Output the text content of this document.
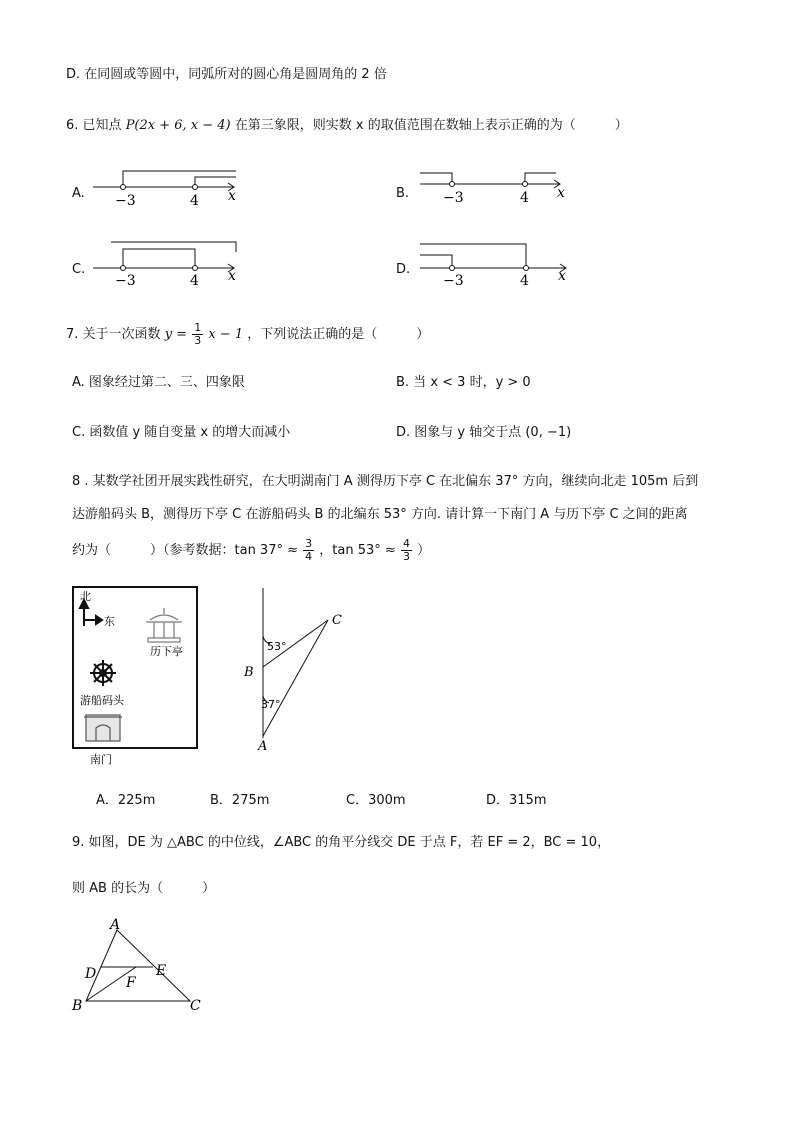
D. 在同圆或等圆中，同弧所对的圆心角是圆周角的 2 倍
6. 已知点 P(2x + 6, x − 4) 在第三象限，则实数 x 的取值范围在数轴上表示正确的为（　　　）
A.	B.
C.	D.
−3	4 x	−3	4 x
−3	4 x	−3	4 x
7. 关于一次函数 $y = \frac{1}{3}$ x − 1 ，下列说法正确的是（　　　）
A. 图象经过第二、三、四象限	B. 当 x < 3 时，y > 0
C. 函数值 y 随自变量 x 的增大而减小	D. 图象与 y 轴交于点 (0, −1)
8 . 某数学社团开展实践性研究，在大明湖南门 A 测得历下亭 C 在北偏东 37° 方向，继续向北走 105m 后到
达游船码头 B，测得历下亭 C 在游船码头 B 的北编东 53° 方向. 请计算一下南门 A 与历下亭 C 之间的距离
约为（　　　）（参考数据：$\tan 37^\circ \approx \frac{3}{4}$ ，$\tan 53^\circ \approx \frac{4}{3}$ ）
北
东
历下亭
游船码头
南门
C
B
A
53°
37°
A．225m	B．275m	C．300m	D．315m
9. 如图，DE 为 △ABC 的中位线，∠ABC 的角平分线交 DE 于点 F，若 EF = 2，BC = 10，
则 AB 的长为（　　　）
A
D	E
F
B	C
